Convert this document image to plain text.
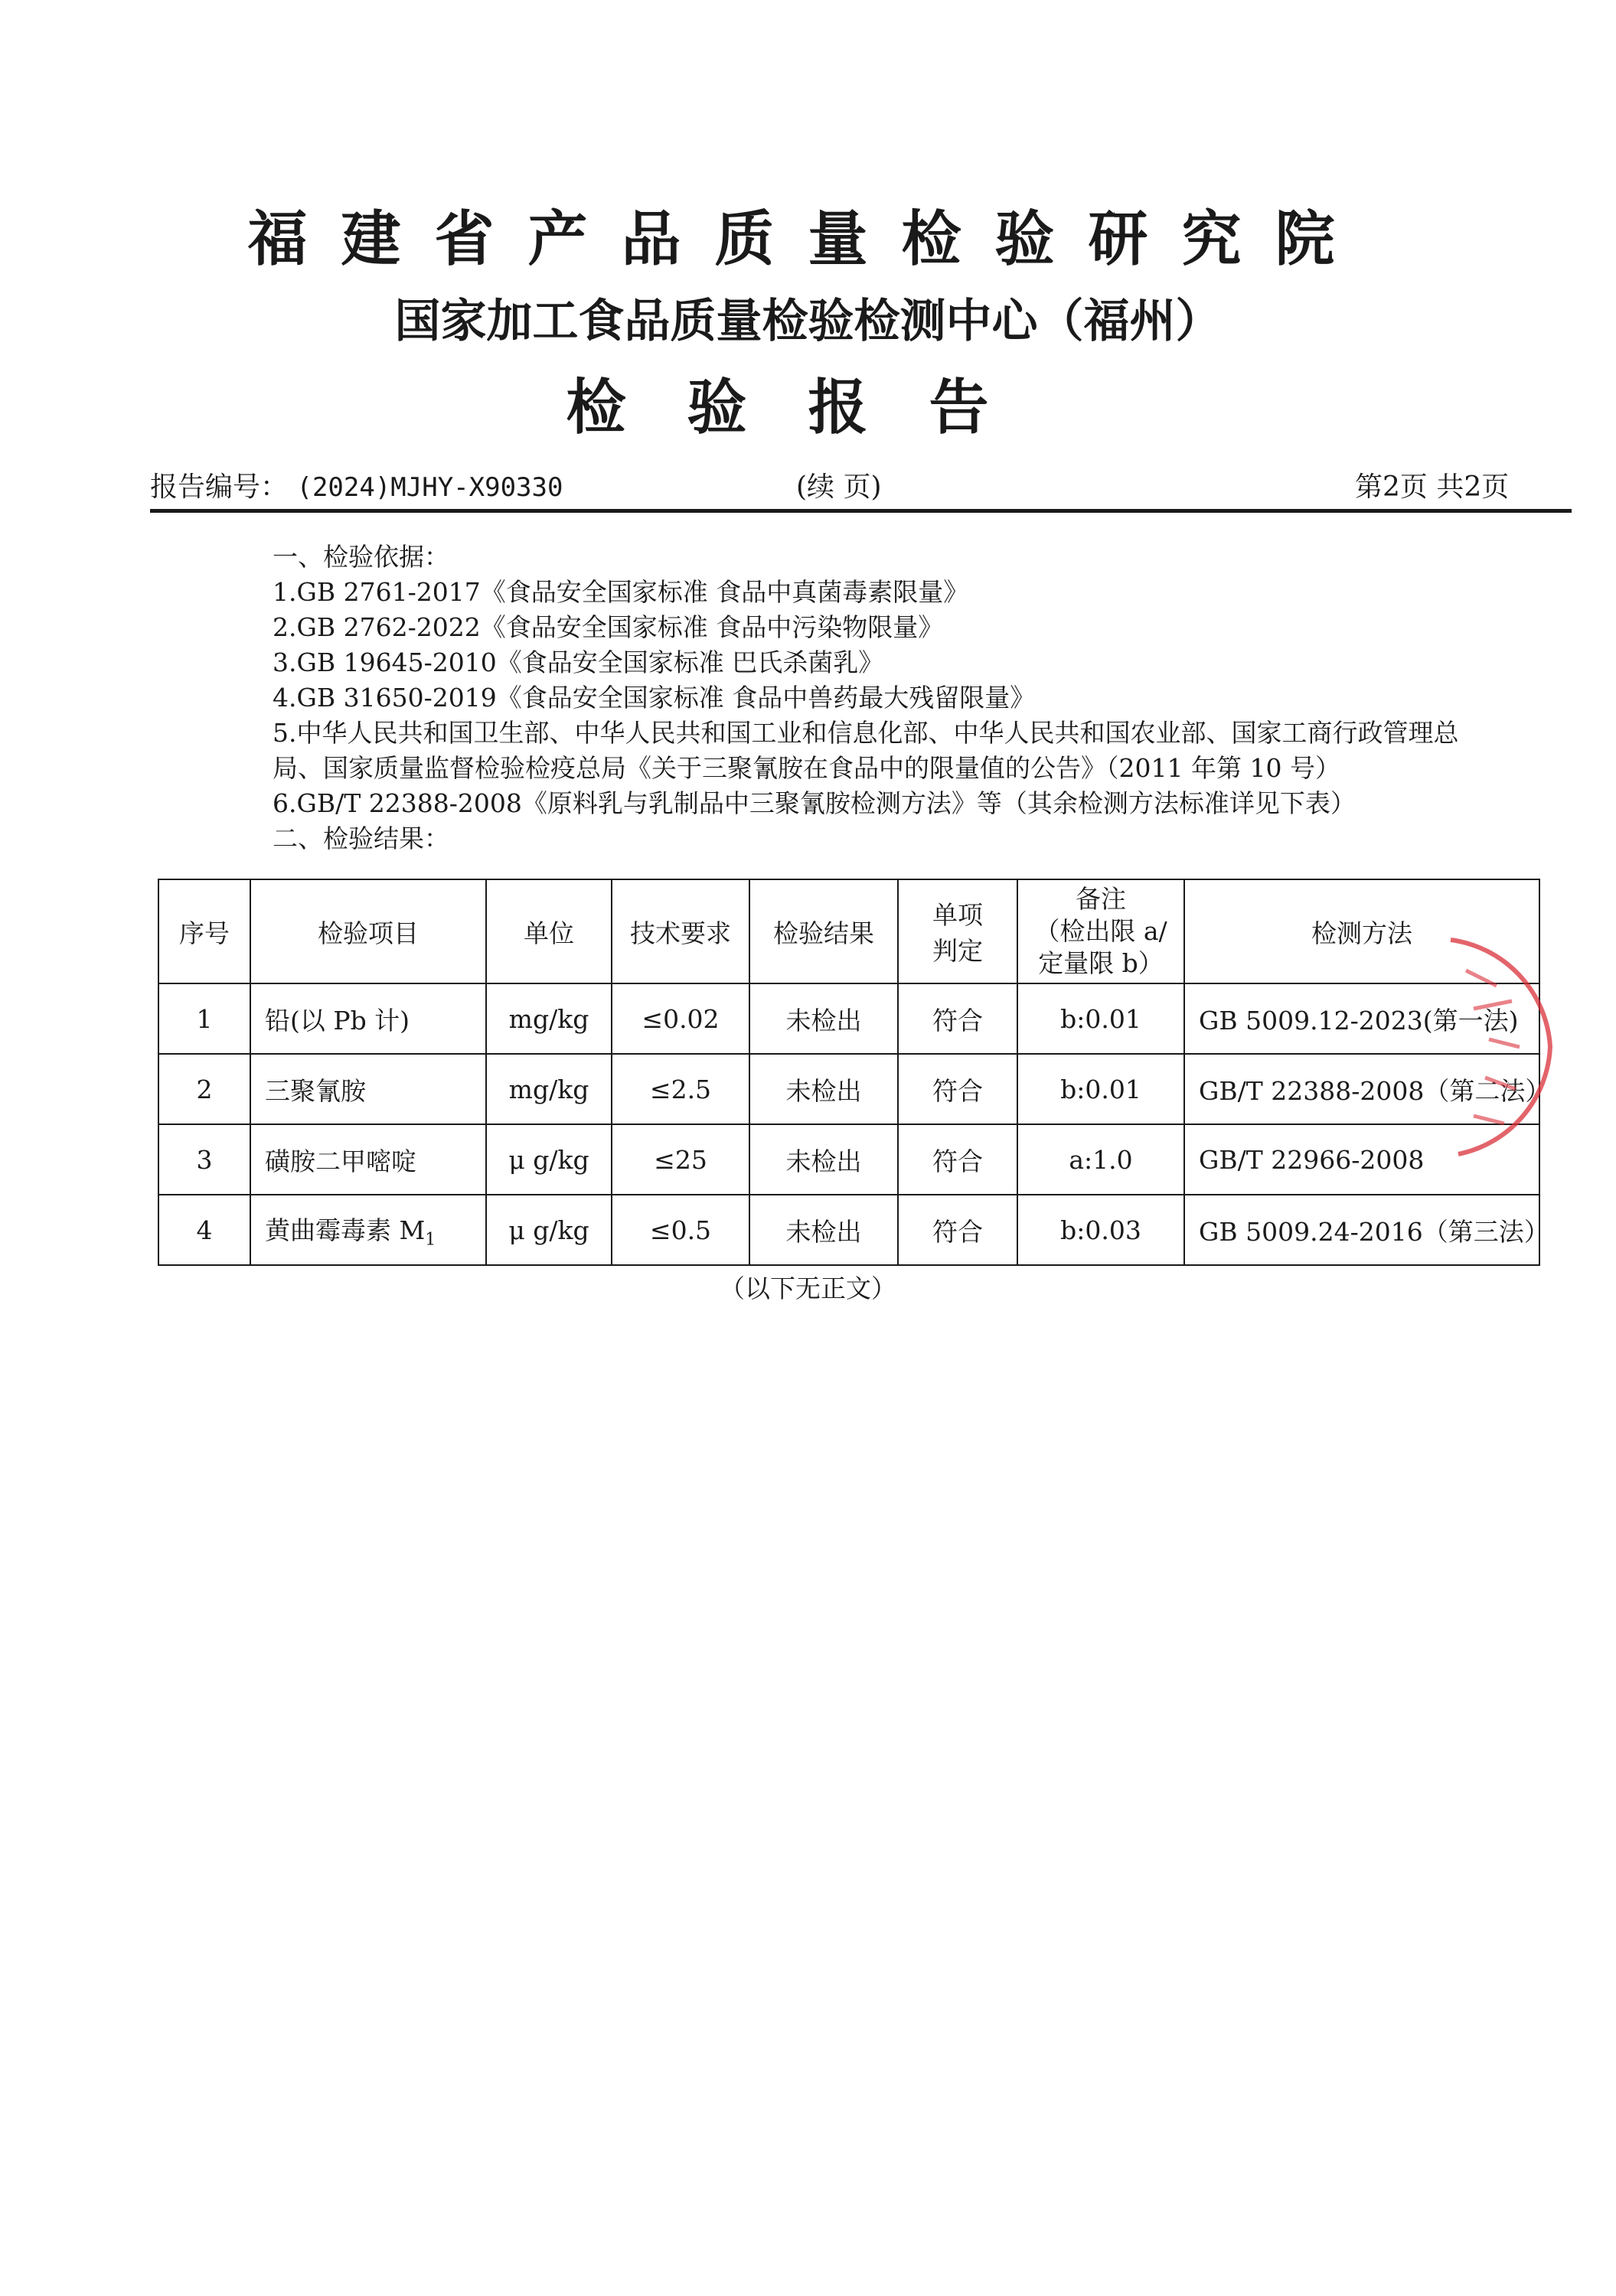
福建省产品质量检验研究院
国家加工食品质量检验检测中心（福州）
检验报告
报告编号： (2024)MJHY-X90330	(续 页)	第2页 共2页

一、检验依据：

1.GB 2761-2017《食品安全国家标准 食品中真菌毒素限量》

2.GB 2762-2022《食品安全国家标准 食品中污染物限量》

3.GB 19645-2010《食品安全国家标准 巴氏杀菌乳》

4.GB 31650-2019《食品安全国家标准 食品中兽药最大残留限量》

5.中华人民共和国卫生部、中华人民共和国工业和信息化部、中华人民共和国农业部、国家工商行政管理总局、国家质量监督检验检疫总局《关于三聚氰胺在食品中的限量值的公告》（2011 年第 10 号）

6.GB/T 22388-2008《原料乳与乳制品中三聚氰胺检测方法》等（其余检测方法标准详见下表）

二、检验结果：

序号	检验项目	单位	技术要求	检验结果	单项
判定	备注
（检出限 a/
定量限 b）	检测方法
1	铅(以 Pb 计)	mg/kg	≤0.02	未检出	符合	b:0.01	GB 5009.12-2023(第一法)
2	三聚氰胺	mg/kg	≤2.5	未检出	符合	b:0.01	GB/T 22388-2008（第二法）
3	磺胺二甲嘧啶	μ g/kg	≤25	未检出	符合	a:1.0	GB/T 22966-2008
4	黄曲霉毒素 $M_1$	μ g/kg	≤0.5	未检出	符合	b:0.03	GB 5009.24-2016（第三法）
（以下无正文）
